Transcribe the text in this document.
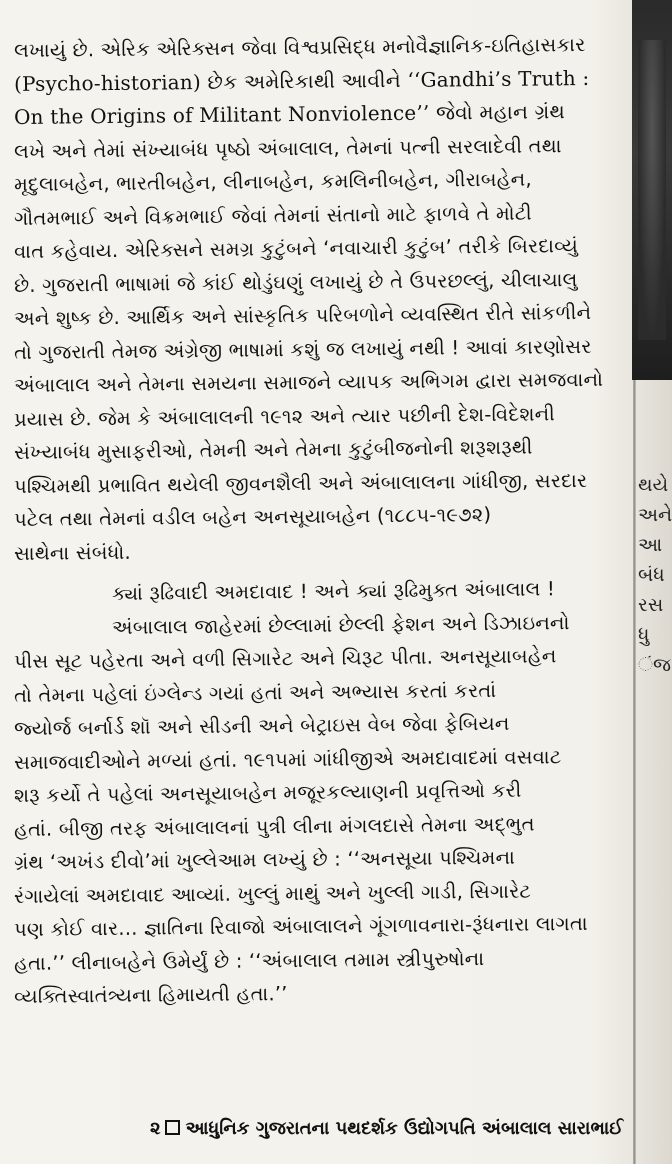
લખાયું છે. એરિક એરિક્સન જેવા વિશ્વપ્રસિદ્ધ મનોવૈજ્ઞાનિક-ઇતિહાસકાર
(Psycho-historian) છેક અમેરિકાથી આવીને ‘‘Gandhi’s Truth :
On the Origins of Militant Nonviolence’’ જેવો મહાન ગ્રંથ
લખે અને તેમાં સંખ્યાબંધ પૃષ્ઠો અંબાલાલ, તેમનાં પત્ની સરલાદેવી તથા
મૃદુલાબહેન, ભારતીબહેન, લીનાબહેન, કમલિનીબહેન, ગીરાબહેન,
ગૌતમભાઈ અને વિક્રમભાઈ જેવાં તેમનાં સંતાનો માટે ફાળવે તે મોટી
વાત કહેવાય. એરિક્સને સમગ્ર કુટુંબને ‘નવાચારી કુટુંબ’ તરીકે બિરદાવ્યું
છે. ગુજરાતી ભાષામાં જે કાંઈ થોડુંઘણું લખાયું છે તે ઉપરછલ્લું, ચીલાચાલુ
અને શુષ્ક છે. આર્થિક અને સાંસ્કૃતિક પરિબળોને વ્યવસ્થિત રીતે સાંકળીને
તો ગુજરાતી તેમજ અંગ્રેજી ભાષામાં કશું જ લખાયું નથી ! આવાં કારણોસર
અંબાલાલ અને તેમના સમયના સમાજને વ્યાપક અભિગમ દ્વારા સમજવાનો
પ્રયાસ છે. જેમ કે અંબાલાલની ૧૯૧૨ અને ત્યાર પછીની દેશ-વિદેશની
સંખ્યાબંધ મુસાફરીઓ, તેમની અને તેમના કુટુંબીજનોની શરૂશરૂથી
પશ્ચિમથી પ્રભાવિત થયેલી જીવનશૈલી અને અંબાલાલના ગાંધીજી, સરદાર
પટેલ તથા તેમનાં વડીલ બહેન અનસૂયાબહેન (૧૮૮૫-૧૯૭૨)
સાથેના સંબંધો.
ક્યાં રૂઢિવાદી અમદાવાદ ! અને ક્યાં રૂઢિમુક્ત અંબાલાલ !
અંબાલાલ જાહેરમાં છેલ્લામાં છેલ્લી ફેશન અને ડિઝાઇનનો
પીસ સૂટ પહેરતા અને વળી સિગારેટ અને ચિરૂટ પીતા. અનસૂયાબહેન
તો તેમના પહેલાં ઇંગ્લેન્ડ ગયાં હતાં અને અભ્યાસ કરતાં કરતાં
જ્યોર્જ બર્નાર્ડ શૉ અને સીડની અને બેટ્રાઇસ વેબ જેવા ફેબિયન
સમાજવાદીઓને મળ્યાં હતાં. ૧૯૧૫માં ગાંધીજીએ અમદાવાદમાં વસવાટ
શરૂ કર્યો તે પહેલાં અનસૂયાબહેન મજૂરકલ્યાણની પ્રવૃત્તિઓ કરી
હતાં. બીજી તરફ અંબાલાલનાં પુત્રી લીના મંગલદાસે તેમના અદ્ભુત
ગ્રંથ ‘અખંડ દીવો’માં ખુલ્લેઆમ લખ્યું છે : ‘‘અનસૂયા પશ્ચિમના
રંગાયેલાં અમદાવાદ આવ્યાં. ખુલ્લું માથું અને ખુલ્લી ગાડી, સિગારેટ
પણ કોઈ વાર... જ્ઞાતિના રિવાજો અંબાલાલને ગૂંગળાવનારા-રૂંધનારા લાગતા
હતા.’’ લીનાબહેને ઉમેર્યું છે : ‘‘અંબાલાલ તમામ સ્ત્રીપુરુષોના
વ્યક્તિસ્વાતંત્ર્યના હિમાયતી હતા.’’
થયે
અને
આ
બંધ
રસ
ધુ
ંજ
૨ આધુનિક ગુજરાતના પથદર્શક ઉદ્યોગપતિ અંબાલાલ સારાભાઈ
